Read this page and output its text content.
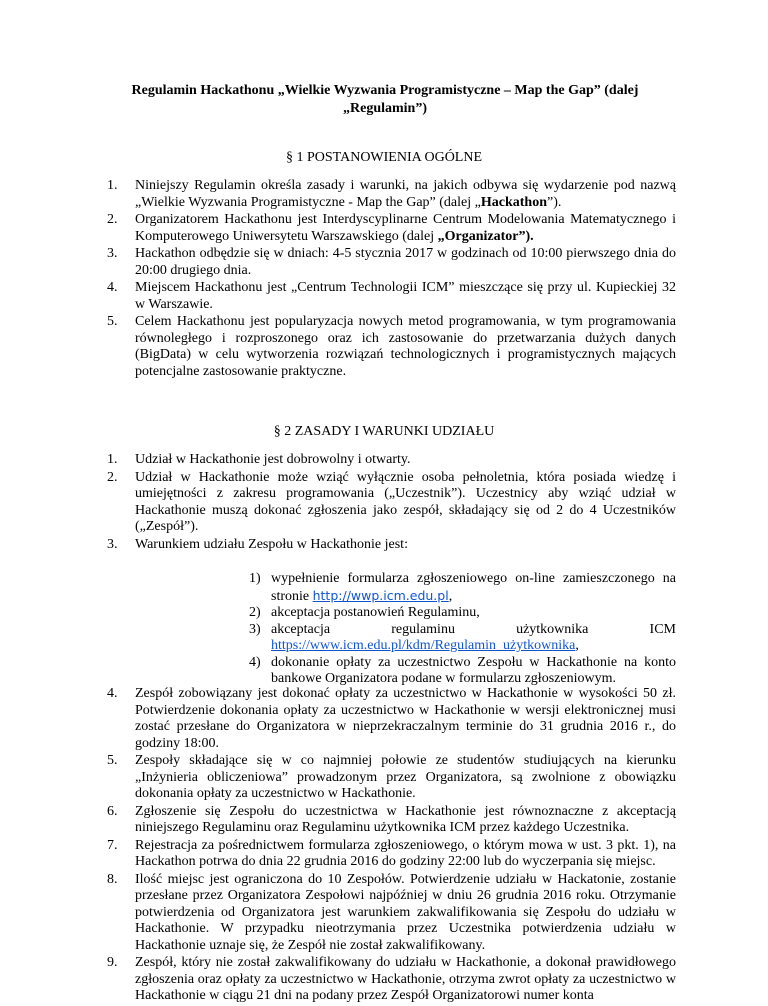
Regulamin Hackathonu „Wielkie Wyzwania Programistyczne – Map the Gap” (dalej „Regulamin”)
§ 1 POSTANOWIENIA OGÓLNE
1. Niniejszy Regulamin określa zasady i warunki, na jakich odbywa się wydarzenie pod nazwą „Wielkie Wyzwania Programistyczne - Map the Gap” (dalej „Hackathon”).
2. Organizatorem Hackathonu jest Interdyscyplinarne Centrum Modelowania Matematycznego i Komputerowego Uniwersytetu Warszawskiego (dalej „Organizator”).
3. Hackathon odbędzie się w dniach: 4-5 stycznia 2017 w godzinach od 10:00 pierwszego dnia do 20:00 drugiego dnia.
4. Miejscem Hackathonu jest „Centrum Technologii ICM” mieszczące się przy ul. Kupieckiej 32 w Warszawie.
5. Celem Hackathonu jest popularyzacja nowych metod programowania, w tym programowania równoległego i rozproszonego oraz ich zastosowanie do przetwarzania dużych danych (BigData) w celu wytworzenia rozwiązań technologicznych i programistycznych mających potencjalne zastosowanie praktyczne.
§ 2 ZASADY I WARUNKI UDZIAŁU
1. Udział w Hackathonie jest dobrowolny i otwarty.
2. Udział w Hackathonie może wziąć wyłącznie osoba pełnoletnia, która posiada wiedzę i umiejętności z zakresu programowania („Uczestnik”). Uczestnicy aby wziąć udział w Hackathonie muszą dokonać zgłoszenia jako zespół, składający się od 2 do 4 Uczestników („Zespół”).
3. Warunkiem udziału Zespołu w Hackathonie jest:
1) wypełnienie formularza zgłoszeniowego on-line zamieszczonego na stronie http://wwp.icm.edu.pl,
2) akceptacja postanowień Regulaminu,
3) akceptacja	regulaminu	użytkownika	ICM
https://www.icm.edu.pl/kdm/Regulamin_użytkownika,
4) dokonanie opłaty za uczestnictwo Zespołu w Hackathonie na konto bankowe Organizatora podane w formularzu zgłoszeniowym.
4. Zespół zobowiązany jest dokonać opłaty za uczestnictwo w Hackathonie w wysokości 50 zł. Potwierdzenie dokonania opłaty za uczestnictwo w Hackathonie w wersji elektronicznej musi zostać przesłane do Organizatora w nieprzekraczalnym terminie do 31 grudnia 2016 r., do godziny 18:00.
5. Zespoły składające się w co najmniej połowie ze studentów studiujących na kierunku „Inżynieria obliczeniowa” prowadzonym przez Organizatora, są zwolnione z obowiązku dokonania opłaty za uczestnictwo w Hackathonie.
6. Zgłoszenie się Zespołu do uczestnictwa w Hackathonie jest równoznaczne z akceptacją niniejszego Regulaminu oraz Regulaminu użytkownika ICM przez każdego Uczestnika.
7. Rejestracja za pośrednictwem formularza zgłoszeniowego, o którym mowa w ust. 3 pkt. 1), na Hackathon potrwa do dnia 22 grudnia 2016 do godziny 22:00 lub do wyczerpania się miejsc.
8. Ilość miejsc jest ograniczona do 10 Zespołów. Potwierdzenie udziału w Hackatonie, zostanie przesłane przez Organizatora Zespołowi najpóźniej w dniu 26 grudnia 2016 roku. Otrzymanie potwierdzenia od Organizatora jest warunkiem zakwalifikowania się Zespołu do udziału w Hackathonie. W przypadku nieotrzymania przez Uczestnika potwierdzenia udziału w Hackathonie uznaje się, że Zespół nie został zakwalifikowany.
9. Zespół, który nie został zakwalifikowany do udziału w Hackathonie, a dokonał prawidłowego zgłoszenia oraz opłaty za uczestnictwo w Hackathonie, otrzyma zwrot opłaty za uczestnictwo w Hackathonie w ciągu 21 dni na podany przez Zespół Organizatorowi numer konta
